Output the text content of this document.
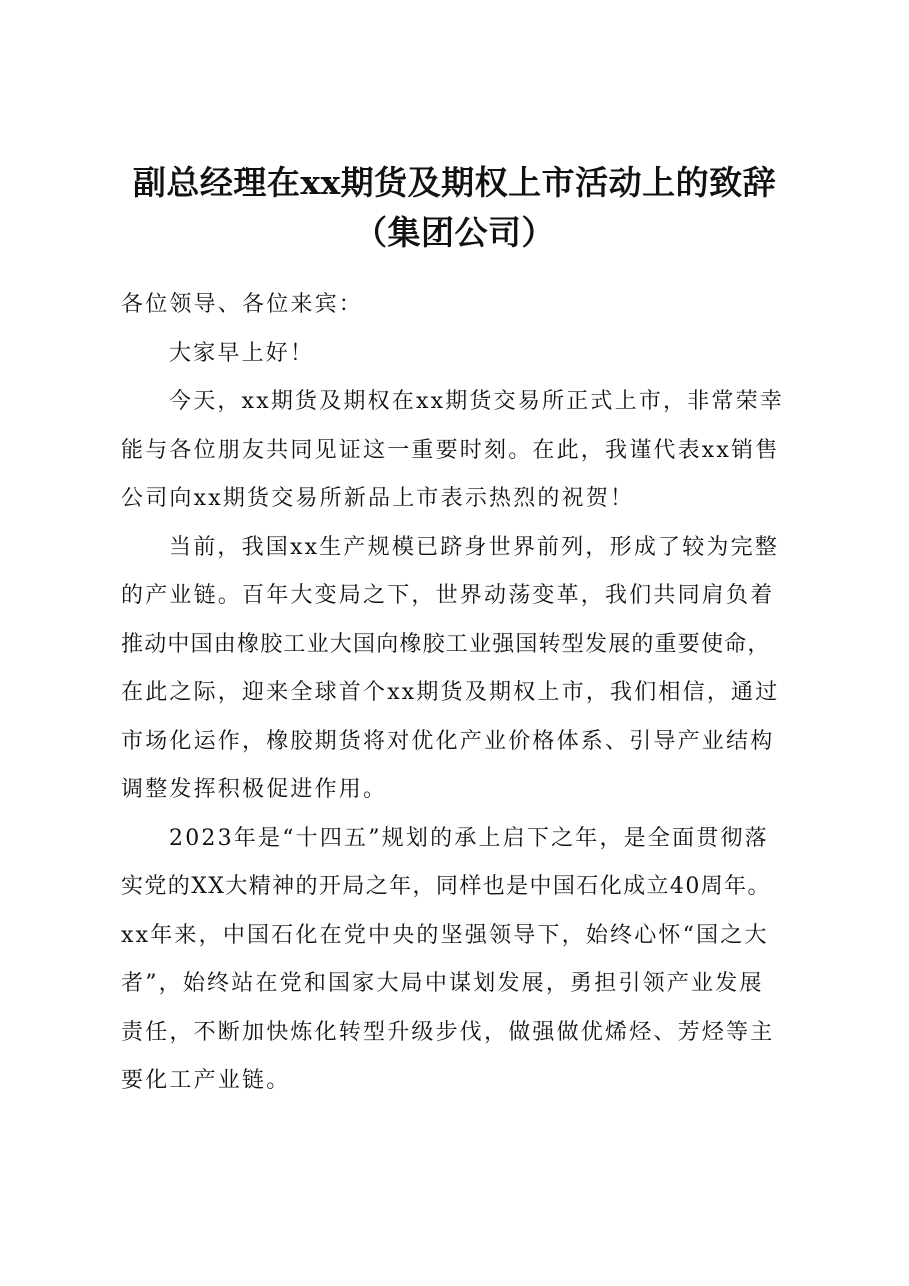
副总经理在xx期货及期权上市活动上的致辞
（集团公司）

各位领导、各位来宾：

大家早上好！

今天，xx期货及期权在xx期货交易所正式上市，非常荣幸
能与各位朋友共同见证这一重要时刻。在此，我谨代表xx销售
公司向xx期货交易所新品上市表示热烈的祝贺！

当前，我国xx生产规模已跻身世界前列，形成了较为完整
的产业链。百年大变局之下，世界动荡变革，我们共同肩负着
推动中国由橡胶工业大国向橡胶工业强国转型发展的重要使命，
在此之际，迎来全球首个xx期货及期权上市，我们相信，通过
市场化运作，橡胶期货将对优化产业价格体系、引导产业结构
调整发挥积极促进作用。

2023年是“十四五”规划的承上启下之年，是全面贯彻落
实党的XX大精神的开局之年，同样也是中国石化成立40周年。
xx年来，中国石化在党中央的坚强领导下，始终心怀“国之大
者”，始终站在党和国家大局中谋划发展，勇担引领产业发展
责任，不断加快炼化转型升级步伐，做强做优烯烃、芳烃等主
要化工产业链。
